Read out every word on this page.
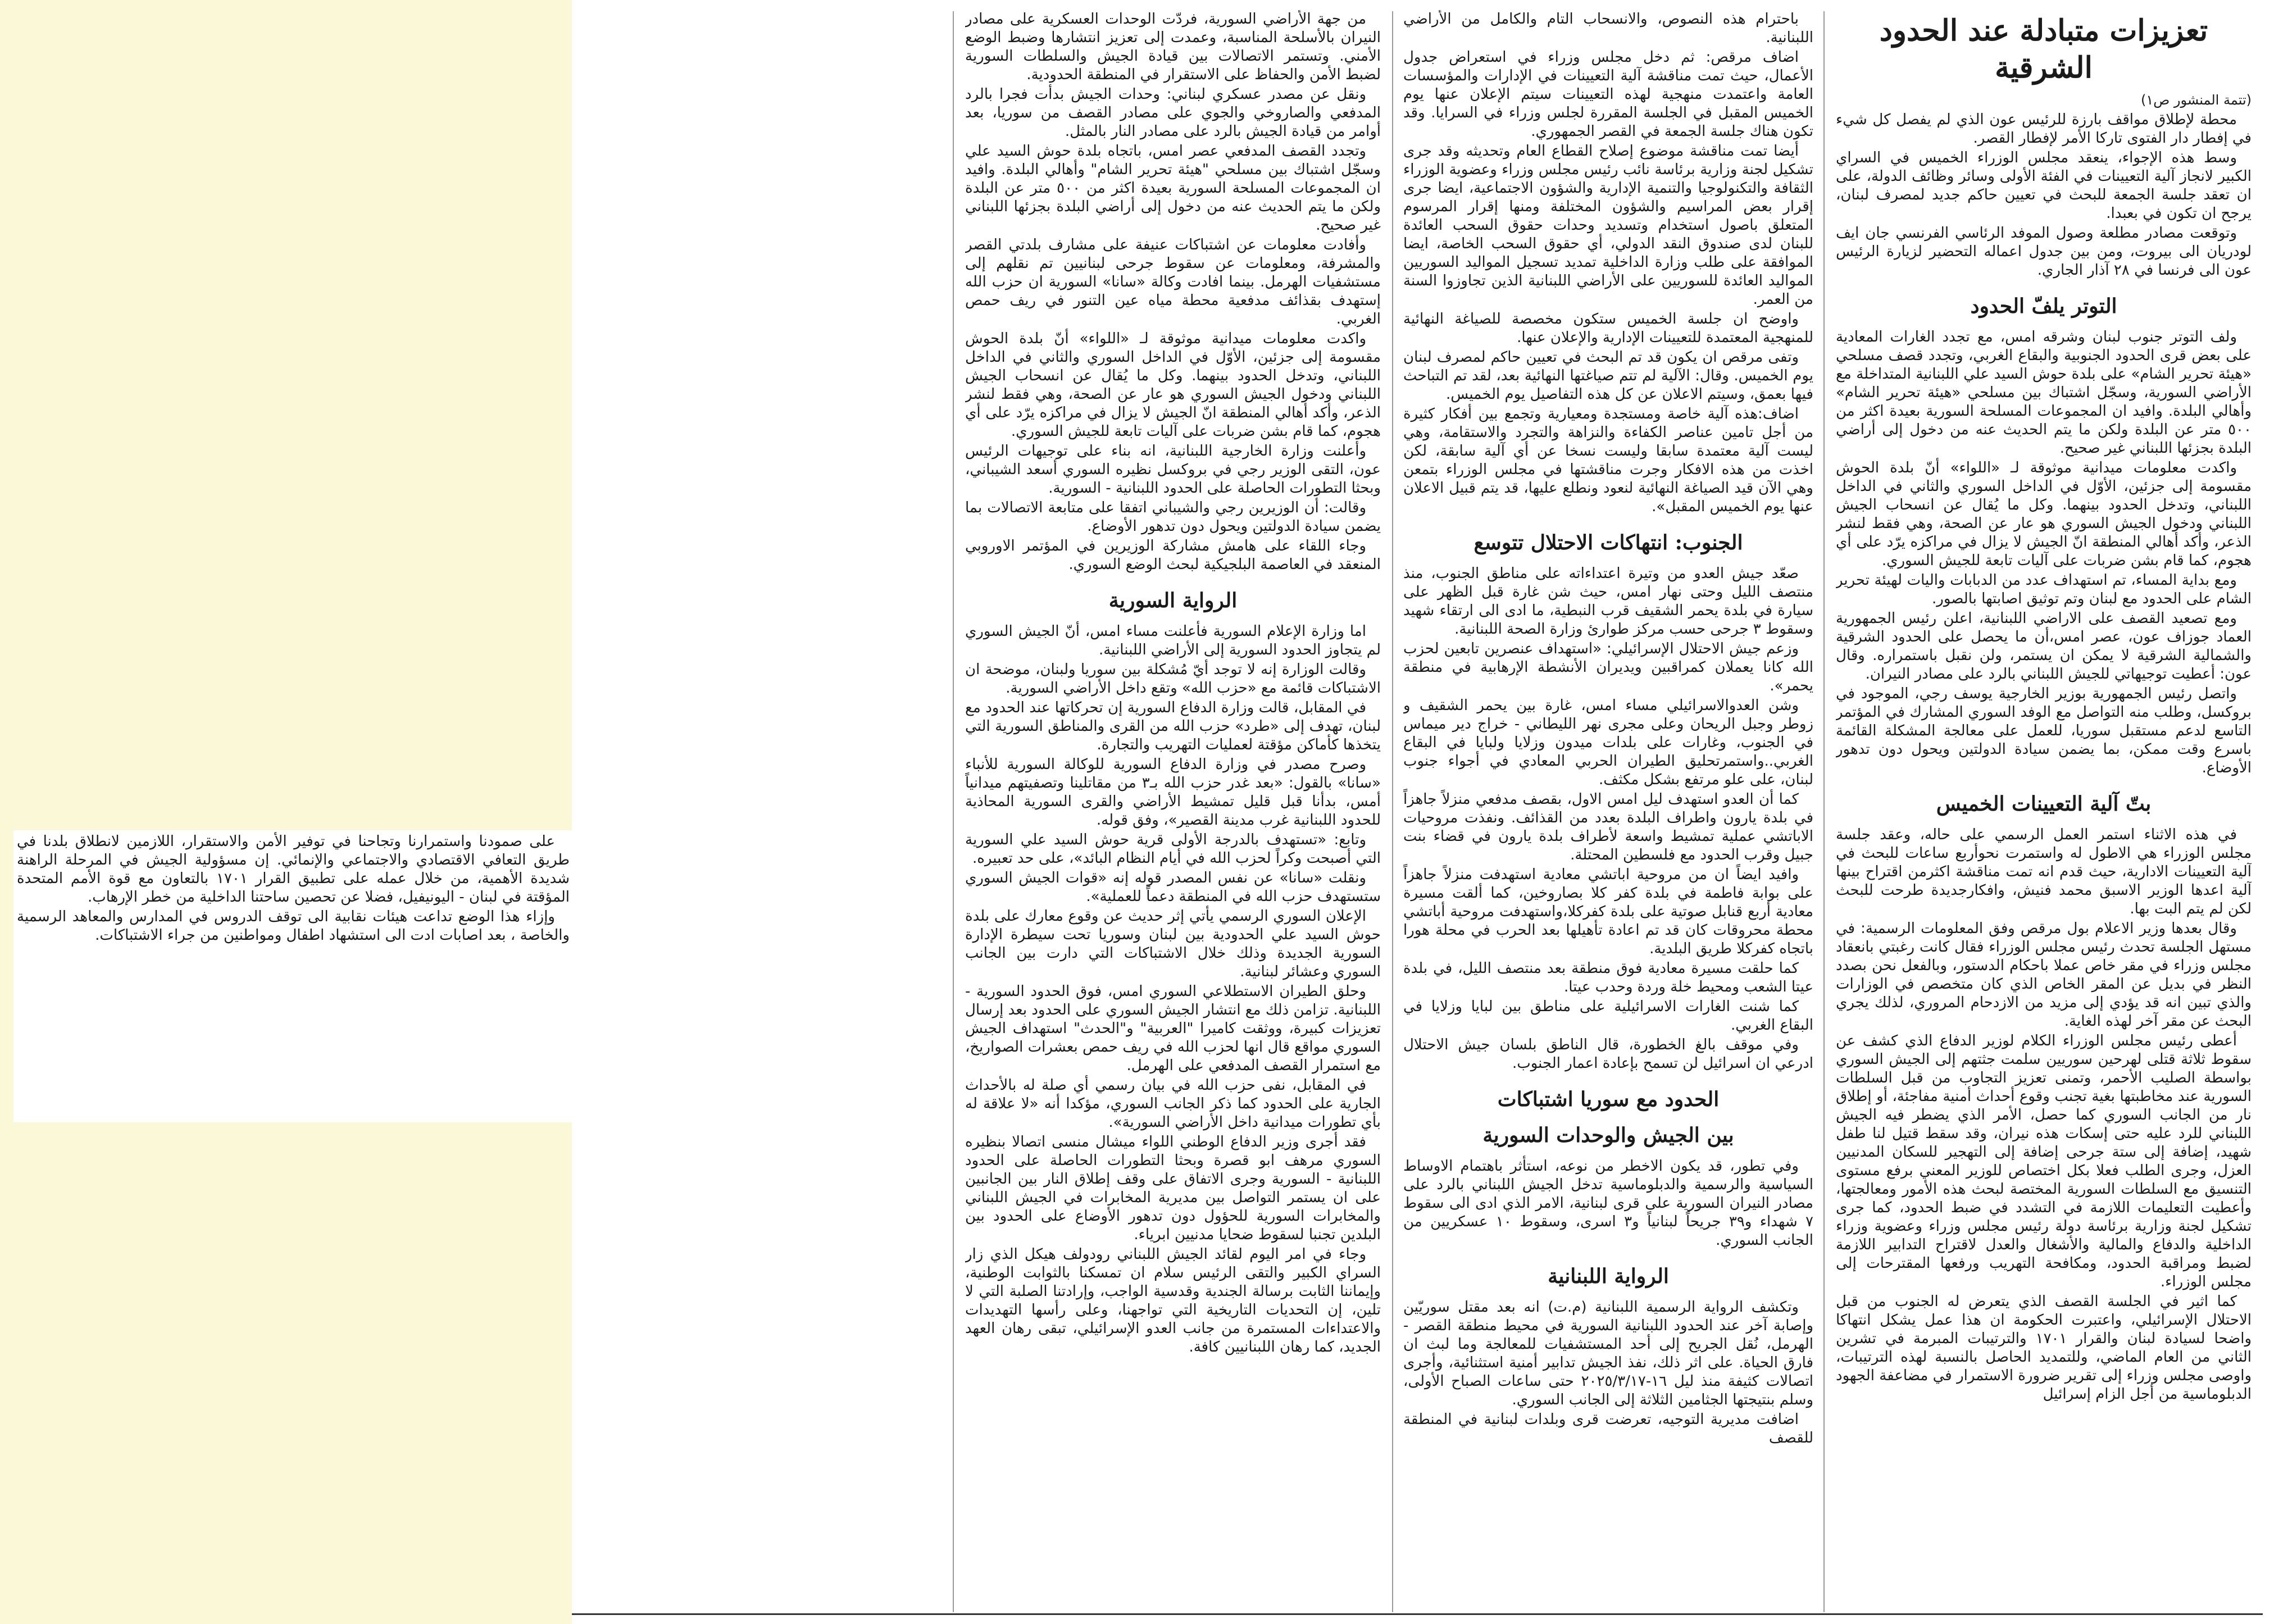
تعزيزات متبادلة عند الحدود الشرقية

(تتمة المنشور ص١)

محطة لإطلاق مواقف بارزة للرئيس عون الذي لم يفصل كل شيء في إفطار دار الفتوى تاركا الأمر لإفطار القصر.

وسط هذه الإجواء، ينعقد مجلس الوزراء الخميس في السراي الكبير لانجاز آلية التعيينات في الفئة الأولى وسائر وظائف الدولة، على ان تعقد جلسة الجمعة للبحث في تعيين حاكم جديد لمصرف لبنان، يرجح ان تكون في بعبدا.

وتوقعت مصادر مطلعة وصول الموفد الرئاسي الفرنسي جان ايف لودريان الى بيروت، ومن بين جدول اعماله التحضير لزيارة الرئيس عون الى فرنسا في ٢٨ آذار الجاري.

التوتر يلفّ الحدود

ولف التوتر جنوب لبنان وشرقه امس، مع تجدد الغارات المعادية على بعض قرى الحدود الجنوبية والبقاع الغربي، وتجدد قصف مسلحي «هيئة تحرير الشام» على بلدة حوش السيد علي اللبنانية المتداخلة مع الأراضي السورية، وسجّل اشتباك بين مسلحي «هيئة تحرير الشام» وأهالي البلدة. وافيد ان المجموعات المسلحة السورية بعيدة اكثر من ٥٠٠ متر عن البلدة ولكن ما يتم الحديث عنه من دخول إلى أراضي البلدة بجزئها اللبناني غير صحيح.

واكدت معلومات ميدانية موثوقة لـ «اللواء» أنّ بلدة الحوش مقسومة إلى جزئين، الأوّل في الداخل السوري والثاني في الداخل اللبناني، وتدخل الحدود بينهما. وكل ما يُقال عن انسحاب الجيش اللبناني ودخول الجيش السوري هو عار عن الصحة، وهي فقط لنشر الذعر، وأكد أهالي المنطقة انّ الجيش لا يزال في مراكزه يرّد على أي هجوم، كما قام بشن ضربات على آليات تابعة للجيش السوري.

ومع بداية المساء، تم استهداف عدد من الدبابات واليات لهيئة تحرير الشام على الحدود مع لبنان وتم توثيق اصابتها بالصور.

ومع تصعيد القصف على الاراضي اللبنانية، اعلن رئيس الجمهورية العماد جوزاف عون، عصر امس،أن ما يحصل على الحدود الشرقية والشمالية الشرقية لا يمكن ان يستمر، ولن نقبل باستمراره. وقال عون: أعطيت توجيهاتي للجيش اللبناني بالرد على مصادر النيران.

واتصل رئيس الجمهورية بوزير الخارجية يوسف رجي، الموجود في بروكسل، وطلب منه التواصل مع الوفد السوري المشارك في المؤتمر التاسع لدعم مستقبل سوريا، للعمل على معالجة المشكلة القائمة باسرع وقت ممكن، بما يضمن سيادة الدولتين ويحول دون تدهور الأوضاع.

بتّ آلية التعيينات الخميس

في هذه الاثناء استمر العمل الرسمي على حاله، وعقد جلسة مجلس الوزراء هي الاطول له واستمرت نحوأربع ساعات للبحث في آلية التعيينات الادارية، حيث قدم انه تمت مناقشة اكثرمن اقتراح بينها آلية اعدها الوزير الاسبق محمد فنيش، وافكارجديدة طرحت للبحث لكن لم يتم البت بها.

وقال بعدها وزير الاعلام بول مرقص وفق المعلومات الرسمية: في مستهل الجلسة تحدث رئيس مجلس الوزراء فقال كانت رغبتي بانعقاد مجلس وزراء في مقر خاص عملا باحكام الدستور، وبالفعل نحن بصدد النظر في بديل عن المقر الخاص الذي كان متخصص في الوزارات والذي تبين انه قد يؤدي إلى مزيد من الازدحام المروري، لذلك يجري البحث عن مقر آخر لهذه الغاية.

أعطى رئيس مجلس الوزراء الكلام لوزير الدفاع الذي كشف عن سقوط ثلاثة قتلى لهرحين سوريين سلمت جثتهم إلى الجيش السوري بواسطة الصليب الأحمر، وتمنى تعزيز التجاوب من قبل السلطات السورية عند مخاطبتها بغية تجنب وقوع أحداث أمنية مفاجئة، أو إطلاق نار من الجانب السوري كما حصل، الأمر الذي يضطر فيه الجيش اللبناني للرد عليه حتى إسكات هذه نيران، وقد سقط قتيل لنا طفل شهيد، إضافة إلى ستة جرحى إضافة إلى التهجير للسكان المدنيين العزل، وجرى الطلب فعلا بكل اختصاص للوزير المعني برفع مستوى التنسيق مع السلطات السورية المختصة لبحث هذه الأمور ومعالجتها، وأعطيت التعليمات اللازمة في التشدد في ضبط الحدود، كما جرى تشكيل لجنة وزارية برئاسة دولة رئيس مجلس وزراء وعضوية وزراء الداخلية والدفاع والمالية والأشغال والعدل لاقتراح التدابير اللازمة لضبط ومراقبة الحدود، ومكافحة التهريب ورفعها المقترحات إلى مجلس الوزراء.

كما اثير في الجلسة القصف الذي يتعرض له الجنوب من قبل الاحتلال الإسرائيلي، واعتبرت الحكومة ان هذا عمل يشكل انتهاكا واضحا لسيادة لبنان والقرار ١٧٠١ والترتيبات المبرمة في تشرين الثاني من العام الماضي، وللتمديد الحاصل بالنسبة لهذه الترتيبات، واوصى مجلس وزراء إلى تقرير ضرورة الاستمرار في مضاعفة الجهود الدبلوماسية من أجل الزام إسرائيل

باحترام هذه النصوص، والانسحاب التام والكامل من الأراضي اللبنانية.

اضاف مرقص: ثم دخل مجلس وزراء في استعراض جدول الأعمال، حيث تمت مناقشة آلية التعيينات في الإدارات والمؤسسات العامة واعتمدت منهجية لهذه التعيينات سيتم الإعلان عنها يوم الخميس المقبل في الجلسة المقررة لجلس وزراء في السرايا. وقد تكون هناك جلسة الجمعة في القصر الجمهوري.

أيضا تمت مناقشة موضوع إصلاح القطاع العام وتحديثه وقد جرى تشكيل لجنة وزارية برئاسة نائب رئيس مجلس وزراء وعضوية الوزراء الثقافة والتكنولوجيا والتنمية الإدارية والشؤون الاجتماعية، ايضا جرى إقرار بعض المراسيم والشؤون المختلفة ومنها إقرار المرسوم المتعلق باصول استخدام وتسديد وحدات حقوق السحب العائدة للبنان لدى صندوق النقد الدولي، أي حقوق السحب الخاصة، ايضا الموافقة على طلب وزارة الداخلية تمديد تسجيل المواليد السوريين المواليد العائدة للسوريين على الأراضي اللبنانية الذين تجاوزوا السنة من العمر.

واوضح ان جلسة الخميس ستكون مخصصة للصياغة النهائية للمنهجية المعتمدة للتعيينات الإدارية والإعلان عنها.

وتفى مرقص ان يكون قد تم البحث في تعيين حاكم لمصرف لبنان يوم الخميس. وقال: الآلية لم تتم صياغتها النهائية بعد، لقد تم التباحث فيها بعمق، وسيتم الاعلان عن كل هذه التفاصيل يوم الخميس.

اضاف:هذه آلية خاصة ومستجدة ومعيارية وتجمع بين أفكار كثيرة من أجل تامين عناصر الكفاءة والنزاهة والتجرد والاستقامة، وهي ليست آلية معتمدة سابقا وليست نسخا عن أي آلية سابقة، لكن اخذت من هذه الافكار وجرت مناقشتها في مجلس الوزراء بتمعن وهي الآن قيد الصياغة النهائية لنعود ونطلع عليها، قد يتم قبيل الاعلان عنها يوم الخميس المقبل».

الجنوب: انتهاكات الاحتلال تتوسع

صعّد جيش العدو من وتيرة اعتداءاته على مناطق الجنوب، منذ منتصف الليل وحتى نهار امس، حيث شن غارة قبل الظهر على سيارة في بلدة يحمر الشقيف قرب النبطية، ما ادى الى ارتقاء شهيد وسقوط ٣ جرحى حسب مركز طوارئ وزارة الصحة اللبنانية.

وزعم جيش الاحتلال الإسرائيلي: «استهداف عنصرين تابعين لحزب الله كانا يعملان كمراقبين ويديران الأنشطة الإرهابية في منطقة يحمر».

وشن العدوالاسرائيلي مساء امس، غارة بين يحمر الشقيف و زوطر وجبل الريحان وعلى مجرى نهر الليطاني - خراج دير ميماس في الجنوب، وغارات على بلدات ميدون وزلايا ولبايا في البقاع الغربي..واستمرتحليق الطيران الحربي المعادي في أجواء جنوب لبنان، على علو مرتفع بشكل مكثف.

كما أن العدو استهدف ليل امس الاول، بقصف مدفعي منزلاً جاهزاً في بلدة يارون واطراف البلدة بعدد من القذائف. ونفذت مروحيات الاباتشي عملية تمشيط واسعة لأطراف بلدة يارون في قضاء بنت جبيل وقرب الحدود مع فلسطين المحتلة.

وافيد ايضاً ان من مروحية اباتشي معادية استهدفت منزلاً جاهزاً على بوابة فاطمة في بلدة كفر كلا بصاروخين، كما ألقت مسيرة معادية أربع قنابل صوتية على بلدة كفركلا،واستهدفت مروحية أباتشي محطة محروقات كان قد تم اعادة تأهيلها بعد الحرب في محلة هورا باتجاه كفركلا طريق البلدية.

كما حلقت مسيرة معادية فوق منطقة بعد منتصف الليل، في بلدة عيتا الشعب ومحيط خلة وردة وحدب عيتا.

كما شنت الغارات الاسرائيلية على مناطق بين لبايا وزلايا في البقاع الغربي.

وفي موقف بالغ الخطورة، قال الناطق بلسان جيش الاحتلال ادرعي ان اسرائيل لن تسمح بإعادة اعمار الجنوب.

الحدود مع سوريا اشتباكات
بين الجيش والوحدات السورية

وفي تطور، قد يكون الاخطر من نوعه، استأثر باهتمام الاوساط السياسية والرسمية والدبلوماسية تدخل الجيش اللبناني بالرد على مصادر النيران السورية على قرى لبنانية، الامر الذي ادى الى سقوط ٧ شهداء و٣٩ جريحاً لبنانياً و٣ اسرى، وسقوط ١٠ عسكريين من الجانب السوري.

الرواية اللبنانية

وتكشف الرواية الرسمية اللبنانية (م.ت) انه بعد مقتل سوريّين وإصابة آخر عند الحدود اللبنانية السورية في محيط منطقة القصر - الهرمل، نُقل الجريح إلى أحد المستشفيات للمعالجة وما لبث ان فارق الحياة. على اثر ذلك، نفذ الجيش تدابير أمنية استثنائية، وأجرى اتصالات كثيفة منذ ليل ١٦-٢٠٢٥/٣/١٧ حتى ساعات الصباح الأولى، وسلم بنتيجتها الجثامين الثلاثة إلى الجانب السوري.

اضافت مديرية التوجيه، تعرضت قرى وبلدات لبنانية في المنطقة للقصف

من جهة الأراضي السورية، فردّت الوحدات العسكرية على مصادر النيران بالأسلحة المناسبة، وعمدت إلى تعزيز انتشارها وضبط الوضع الأمني. وتستمر الاتصالات بين قيادة الجيش والسلطات السورية لضبط الأمن والحفاظ على الاستقرار في المنطقة الحدودية.

ونقل عن مصدر عسكري لبناني: وحدات الجيش بدأت فجرا بالرد المدفعي والصاروخي والجوي على مصادر القصف من سوريا، بعد أوامر من قيادة الجيش بالرد على مصادر النار بالمثل.

وتجدد القصف المدفعي عصر امس، باتجاه بلدة حوش السيد علي وسجّل اشتباك بين مسلحي "هيئة تحرير الشام" وأهالي البلدة. وافيد ان المجموعات المسلحة السورية بعيدة اكثر من ٥٠٠ متر عن البلدة ولكن ما يتم الحديث عنه من دخول إلى أراضي البلدة بجزئها اللبناني غير صحيح.

وأفادت معلومات عن اشتباكات عنيفة على مشارف بلدتي القصر والمشرفة، ومعلومات عن سقوط جرحى لبنانيين تم نقلهم إلى مستشفيات الهرمل. بينما افادت وكالة «سانا» السورية ان حزب الله إستهدف بقذائف مدفعية محطة مياه عين التنور في ريف حمص الغربي.

واكدت معلومات ميدانية موثوقة لـ «اللواء» أنّ بلدة الحوش مقسومة إلى جزئين، الأوّل في الداخل السوري والثاني في الداخل اللبناني، وتدخل الحدود بينهما. وكل ما يُقال عن انسحاب الجيش اللبناني ودخول الجيش السوري هو عار عن الصحة، وهي فقط لنشر الذعر، وأكد أهالي المنطقة انّ الجيش لا يزال في مراكزه يرّد على أي هجوم، كما قام بشن ضربات على آليات تابعة للجيش السوري.

وأعلنت وزارة الخارجية اللبنانية، انه بناء على توجيهات الرئيس عون، التقى الوزير رجي في بروكسل نظيره السوري أسعد الشيباني، وبحثا التطورات الحاصلة على الحدود اللبنانية - السورية.

وقالت: أن الوزيرين رجي والشيباني اتفقا على متابعة الاتصالات بما يضمن سيادة الدولتين ويحول دون تدهور الأوضاع.

وجاء اللقاء على هامش مشاركة الوزيرين في المؤتمر الاوروبي المنعقد في العاصمة البلجيكية لبحث الوضع السوري.

الرواية السورية

اما وزارة الإعلام السورية فأعلنت مساء امس، أنّ الجيش السوري لم يتجاوز الحدود السورية إلى الأراضي اللبنانية.

وقالت الوزارة إنه لا توجد أيّ مُشكلة بين سوريا ولبنان، موضحة ان الاشتباكات قائمة مع «حزب الله» وتقع داخل الأراضي السورية.

في المقابل، قالت وزارة الدفاع السورية إن تحركاتها عند الحدود مع لبنان، تهدف إلى «طرد» حزب الله من القرى والمناطق السورية التي يتخذها كأماكن مؤقتة لعمليات التهريب والتجارة.

وصرح مصدر في وزارة الدفاع السورية للوكالة السورية للأنباء «سانا» بالقول: «بعد غدر حزب الله بـ٣ من مقاتلينا وتصفيتهم ميدانياً أمس، بدأنا قبل قليل تمشيط الأراضي والقرى السورية المحاذية للحدود اللبنانية غرب مدينة القصير»، وفق قوله.

وتابع: «تستهدف بالدرجة الأولى قرية حوش السيد علي السورية التي أصبحت وكراً لحزب الله في أيام النظام البائد»، على حد تعبيره.

ونقلت «سانا» عن نفس المصدر قوله إنه «قوات الجيش السوري ستستهدف حزب الله في المنطقة دعماً للعملية».

الإعلان السوري الرسمي يأتي إثر حديث عن وقوع معارك على بلدة حوش السيد علي الحدودية بين لبنان وسوريا تحت سيطرة الإدارة السورية الجديدة وذلك خلال الاشتباكات التي دارت بين الجانب السوري وعشائر لبنانية.

وحلق الطيران الاستطلاعي السوري امس، فوق الحدود السورية - اللبنانية. تزامن ذلك مع انتشار الجيش السوري على الحدود بعد إرسال تعزيزات كبيرة، ووثقت كاميرا "العربية" و"الحدث" استهداف الجيش السوري مواقع قال انها لحزب الله في ريف حمص بعشرات الصواريخ، مع استمرار القصف المدفعي على الهرمل.

في المقابل، نفى حزب الله في بيان رسمي أي صلة له بالأحداث الجارية على الحدود كما ذكر الجانب السوري، مؤكدا أنه «لا علاقة له بأي تطورات ميدانية داخل الأراضي السورية».

فقد أجرى وزير الدفاع الوطني اللواء ميشال منسى اتصالا بنظيره السوري مرهف ابو قصرة وبحثا التطورات الحاصلة على الحدود اللبنانية - السورية وجرى الاتفاق على وقف إطلاق النار بين الجانبين على ان يستمر التواصل بين مديرية المخابرات في الجيش اللبناني والمخابرات السورية للحؤول دون تدهور الأوضاع على الحدود بين البلدين تجنبا لسقوط ضحايا مدنيين ابرياء.

وجاء في امر اليوم لقائد الجيش اللبناني رودولف هيكل الذي زار السراي الكبير والتقى الرئيس سلام ان تمسكنا بالثوابت الوطنية، وإيماننا الثابت برسالة الجندية وقدسية الواجب، وإرادتنا الصلبة التي لا تلين، إن التحديات التاريخية التي تواجهنا، وعلى رأسها التهديدات والاعتداءات المستمرة من جانب العدو الإسرائيلي، تبقى رهان العهد الجديد، كما رهان اللبنانيين كافة.

على صمودنا واستمرارنا وتجاحنا في توفير الأمن والاستقرار، اللازمين لانطلاق بلدنا في طريق التعافي الاقتصادي والاجتماعي والإنمائي. إن مسؤولية الجيش في المرحلة الراهنة شديدة الأهمية، من خلال عمله على تطبيق القرار ١٧٠١ بالتعاون مع قوة الأمم المتحدة المؤقتة في لبنان - اليونيفيل، فضلا عن تحصين ساحتنا الداخلية من خطر الإرهاب.

وإزاء هذا الوضع تداعت هيئات نقابية الى توقف الدروس في المدارس والمعاهد الرسمية والخاصة ، بعد اصابات ادت الى استشهاد اطفال ومواطنين من جراء الاشتباكات.
